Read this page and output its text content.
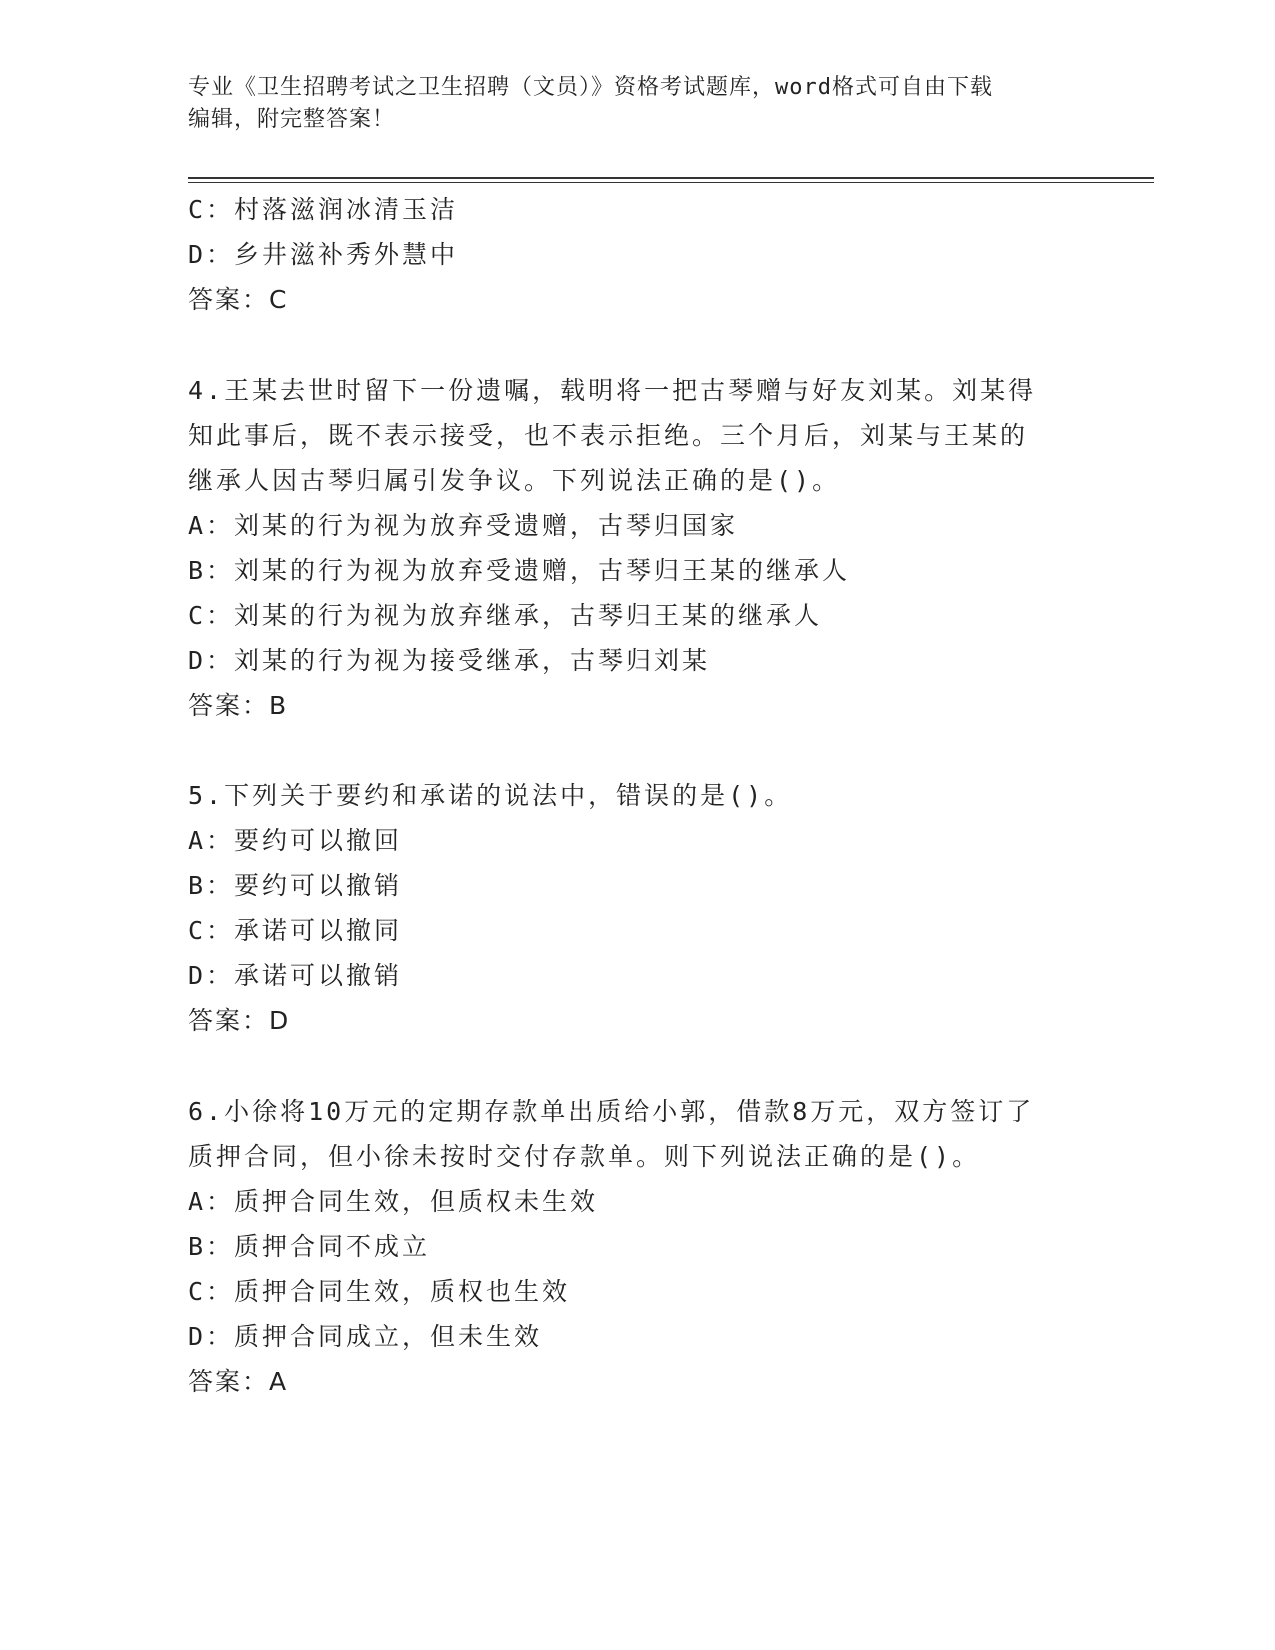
专业《卫生招聘考试之卫生招聘（文员）》资格考试题库，word格式可自由下载
编辑，附完整答案！
C：村落滋润冰清玉洁
D：乡井滋补秀外慧中
答案：C
4.王某去世时留下一份遗嘱，载明将一把古琴赠与好友刘某。刘某得
知此事后，既不表示接受，也不表示拒绝。三个月后，刘某与王某的
继承人因古琴归属引发争议。下列说法正确的是()。
A：刘某的行为视为放弃受遗赠，古琴归国家
B：刘某的行为视为放弃受遗赠，古琴归王某的继承人
C：刘某的行为视为放弃继承，古琴归王某的继承人
D：刘某的行为视为接受继承，古琴归刘某
答案：B
5.下列关于要约和承诺的说法中，错误的是()。
A：要约可以撤回
B：要约可以撤销
C：承诺可以撤同
D：承诺可以撤销
答案：D
6.小徐将10万元的定期存款单出质给小郭，借款8万元，双方签订了
质押合同，但小徐未按时交付存款单。则下列说法正确的是()。
A：质押合同生效，但质权未生效
B：质押合同不成立
C：质押合同生效，质权也生效
D：质押合同成立，但未生效
答案：A
